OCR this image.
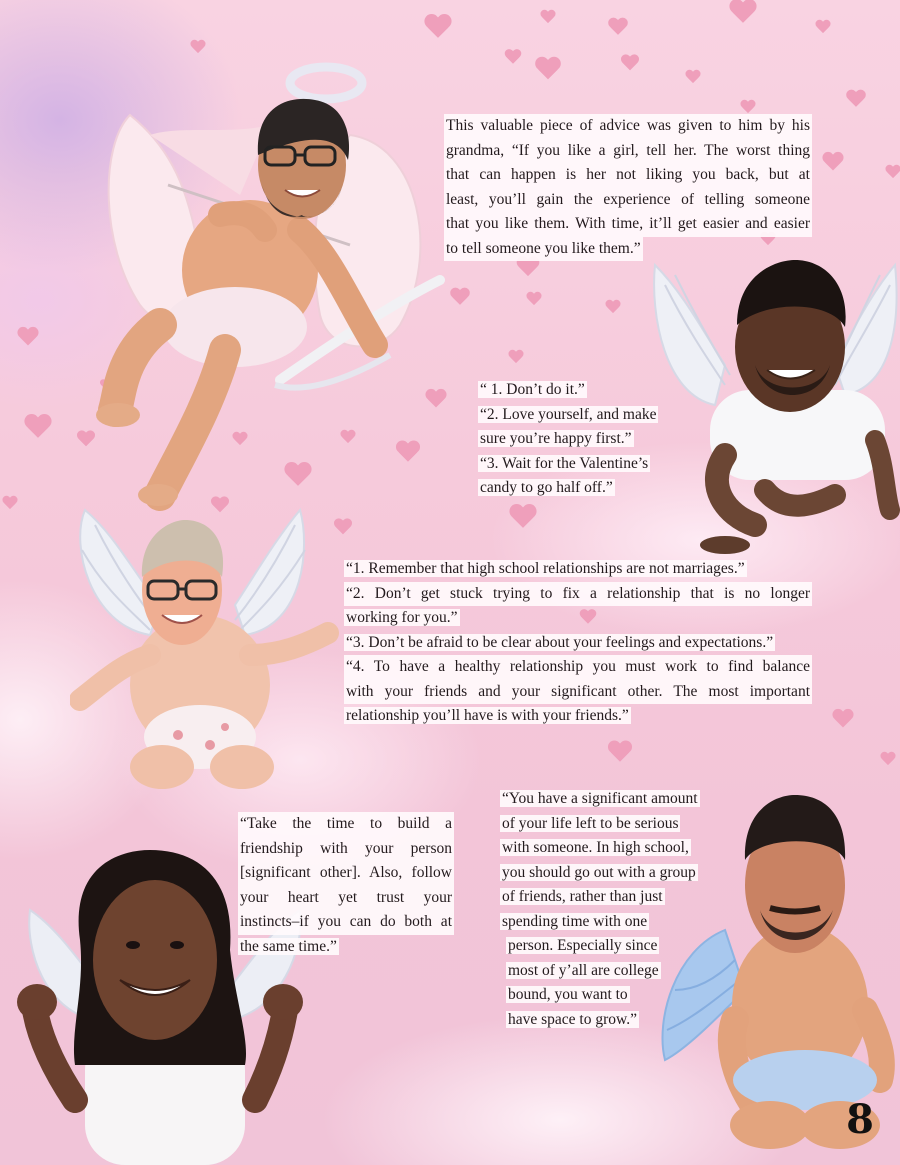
This valuable piece of advice was given to him by his
grandma, “If you like a girl, tell her. The worst thing
that can happen is her not liking you back, but at
least, you’ll gain the experience of telling someone
that you like them. With time, it’ll get easier and easier
to tell someone you like them.”
“ 1. Don’t do it.”
“2. Love yourself, and make
sure you’re happy first.”
“3. Wait for the Valentine’s
candy to go half off.”
“1. Remember that high school relationships are not marriages.”
“2. Don’t get stuck trying to fix a relationship that is no longer
working for you.”
“3. Don’t be afraid to be clear about your feelings and expectations.”
“4. To have a healthy relationship you must work to find balance
with your friends and your significant other. The most important
relationship you’ll have is with your friends.”
“Take the time to build a
friendship with your person
[significant other]. Also, follow
your heart yet trust your
instincts–if you can do both at
the same time.”
“You have a significant amount
of your life left to be serious
with someone. In high school,
you should go out with a group
of friends, rather than just
spending time with one
person. Especially since
most of y’all are college
bound, you want to
have space to grow.”
8
